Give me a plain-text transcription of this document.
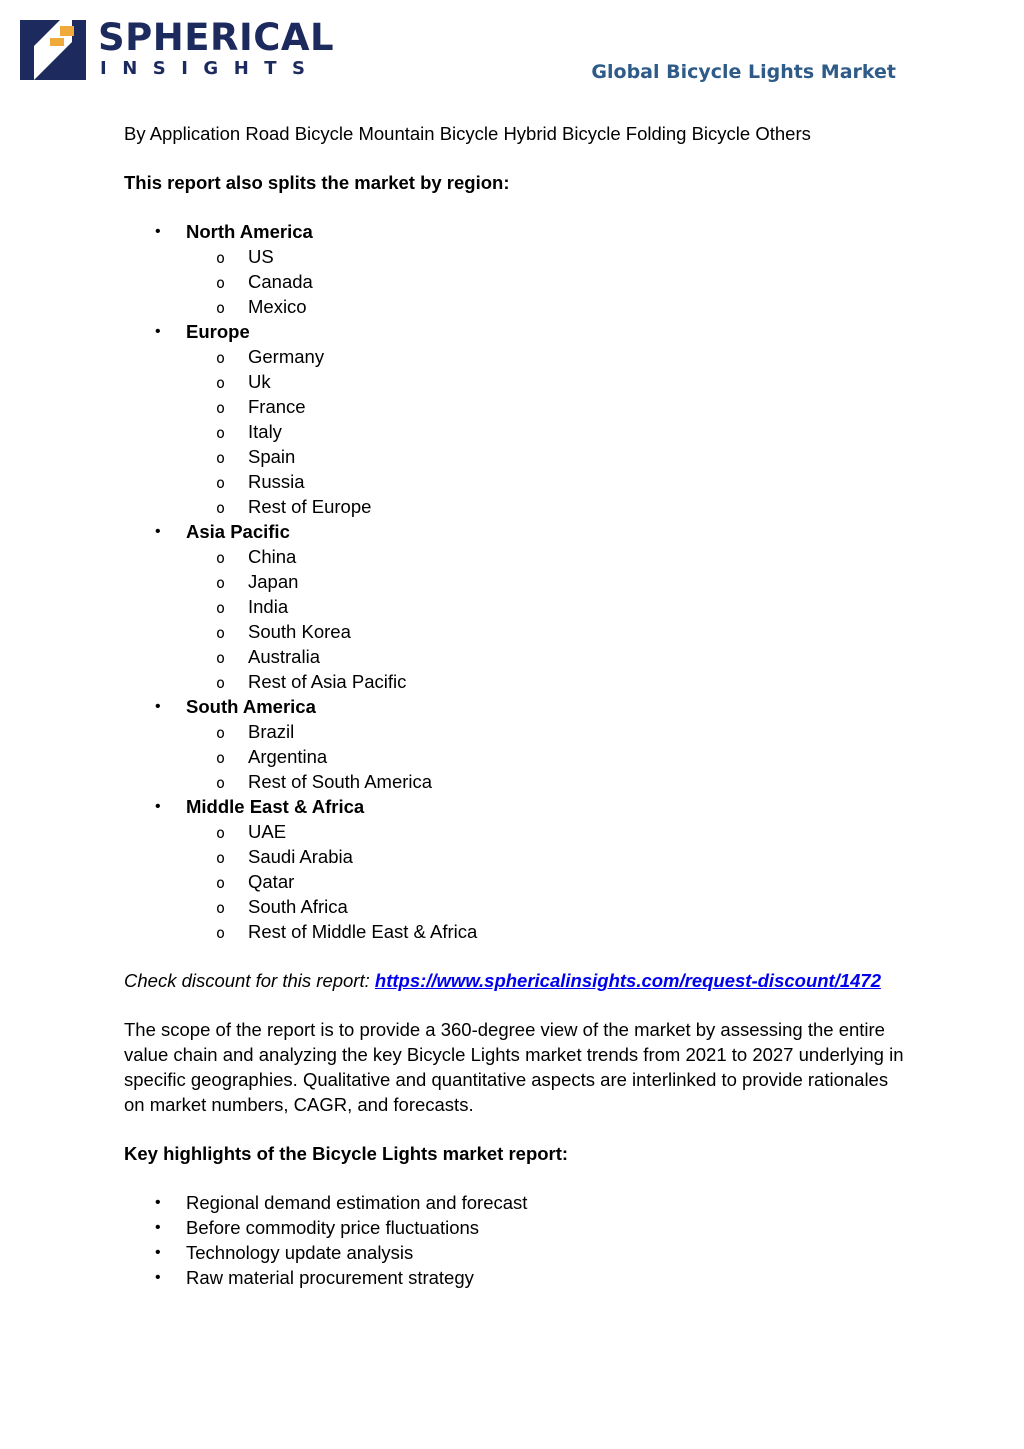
SPHERICAL
INSIGHTS	Global Bicycle Lights Market

By Application Road Bicycle Mountain Bicycle Hybrid Bicycle Folding Bicycle Others

This report also splits the market by region:

• North America
o US
o Canada
o Mexico
• Europe
o Germany
o Uk
o France
o Italy
o Spain
o Russia
o Rest of Europe
• Asia Pacific
o China
o Japan
o India
o South Korea
o Australia
o Rest of Asia Pacific
• South America
o Brazil
o Argentina
o Rest of South America
• Middle East & Africa
o UAE
o Saudi Arabia
o Qatar
o South Africa
o Rest of Middle East & Africa

Check discount for this report: https://www.sphericalinsights.com/request-discount/1472

The scope of the report is to provide a 360-degree view of the market by assessing the entire value chain and analyzing the key Bicycle Lights market trends from 2021 to 2027 underlying in specific geographies. Qualitative and quantitative aspects are interlinked to provide rationales on market numbers, CAGR, and forecasts.

Key highlights of the Bicycle Lights market report:

• Regional demand estimation and forecast
• Before commodity price fluctuations
• Technology update analysis
• Raw material procurement strategy
